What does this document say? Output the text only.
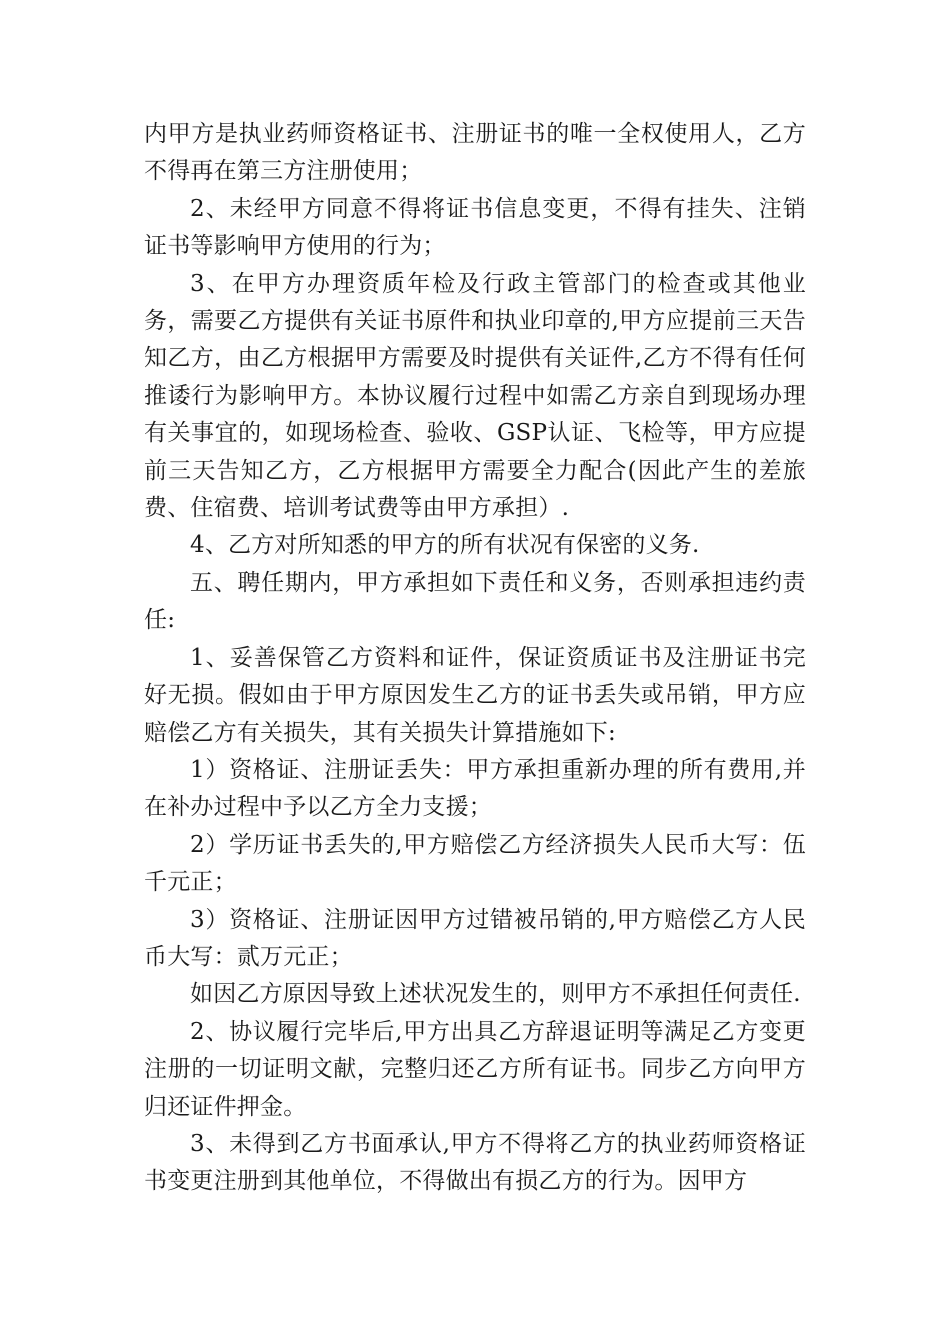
内甲方是执业药师资格证书、注册证书的唯一全权使用人，乙方不得再在第三方注册使用；

2、未经甲方同意不得将证书信息变更，不得有挂失、注销证书等影响甲方使用的行为；

3、在甲方办理资质年检及行政主管部门的检查或其他业务，需要乙方提供有关证书原件和执业印章的,甲方应提前三天告知乙方，由乙方根据甲方需要及时提供有关证件,乙方不得有任何推诿行为影响甲方。本协议履行过程中如需乙方亲自到现场办理有关事宜的，如现场检查、验收、GSP认证、飞检等，甲方应提前三天告知乙方，乙方根据甲方需要全力配合(因此产生的差旅费、住宿费、培训考试费等由甲方承担）.

4、乙方对所知悉的甲方的所有状况有保密的义务.

五、聘任期内，甲方承担如下责任和义务，否则承担违约责任:

1、妥善保管乙方资料和证件，保证资质证书及注册证书完好无损。假如由于甲方原因发生乙方的证书丢失或吊销，甲方应赔偿乙方有关损失，其有关损失计算措施如下:

1）资格证、注册证丢失：甲方承担重新办理的所有费用,并在补办过程中予以乙方全力支援；

2）学历证书丢失的,甲方赔偿乙方经济损失人民币大写：伍千元正；

3）资格证、注册证因甲方过错被吊销的,甲方赔偿乙方人民币大写：贰万元正；

如因乙方原因导致上述状况发生的，则甲方不承担任何责任.

2、协议履行完毕后,甲方出具乙方辞退证明等满足乙方变更注册的一切证明文献，完整归还乙方所有证书。同步乙方向甲方归还证件押金。

3、未得到乙方书面承认,甲方不得将乙方的执业药师资格证书变更注册到其他单位，不得做出有损乙方的行为。因甲方
